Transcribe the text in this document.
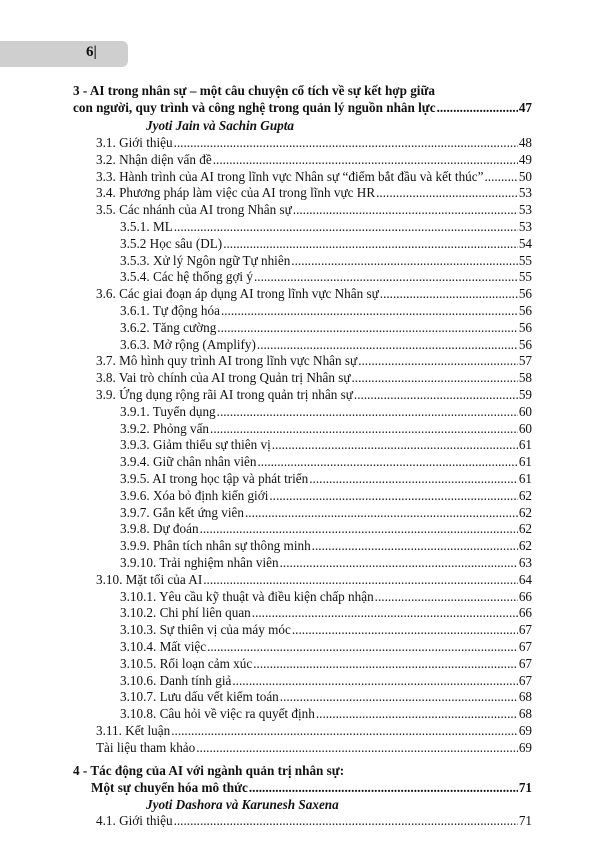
6|
3 - AI trong nhân sự – một câu chuyện cổ tích về sự kết hợp giữa
con người, quy trình và công nghệ trong quản lý nguồn nhân lực .....	47
Jyoti Jain và Sachin Gupta
3.1. Giới thiệu .....	48
3.2. Nhận diện vấn đề .....	49
3.3. Hành trình của AI trong lĩnh vực Nhân sự “điểm bắt đầu và kết thúc” .....	50
3.4. Phương pháp làm việc của AI trong lĩnh vực HR .....	53
3.5. Các nhánh của AI trong Nhân sự .....	53
3.5.1. ML .....	53
3.5.2 Học sâu (DL) .....	54
3.5.3. Xử lý Ngôn ngữ Tự nhiên .....	55
3.5.4. Các hệ thống gợi ý .....	55
3.6. Các giai đoạn áp dụng AI trong lĩnh vực Nhân sự .....	56
3.6.1. Tự động hóa .....	56
3.6.2. Tăng cường .....	56
3.6.3. Mở rộng (Amplify) .....	56
3.7. Mô hình quy trình AI trong lĩnh vực Nhân sự .....	57
3.8. Vai trò chính của AI trong Quản trị Nhân sự .....	58
3.9. Ứng dụng rộng rãi AI trong quản trị nhân sự .....	59
3.9.1. Tuyển dụng .....	60
3.9.2. Phỏng vấn .....	60
3.9.3. Giảm thiểu sự thiên vị .....	61
3.9.4. Giữ chân nhân viên .....	61
3.9.5. AI trong học tập và phát triển .....	61
3.9.6. Xóa bỏ định kiến giới .....	62
3.9.7. Gắn kết ứng viên .....	62
3.9.8. Dự đoán .....	62
3.9.9. Phân tích nhân sự thông minh .....	62
3.9.10. Trải nghiệm nhân viên .....	63
3.10. Mặt tối của AI .....	64
3.10.1. Yêu cầu kỹ thuật và điều kiện chấp nhận .....	66
3.10.2. Chi phí liên quan .....	66
3.10.3. Sự thiên vị của máy móc .....	67
3.10.4. Mất việc .....	67
3.10.5. Rối loạn cảm xúc .....	67
3.10.6. Danh tính giả .....	67
3.10.7. Lưu dấu vết kiểm toán .....	68
3.10.8. Câu hỏi về việc ra quyết định .....	68
3.11. Kết luận .....	69
Tài liệu tham khảo .....	69
4 - Tác động của AI với ngành quản trị nhân sự:
Một sự chuyển hóa mô thức .....	71
Jyoti Dashora và Karunesh Saxena
4.1. Giới thiệu .....	71
